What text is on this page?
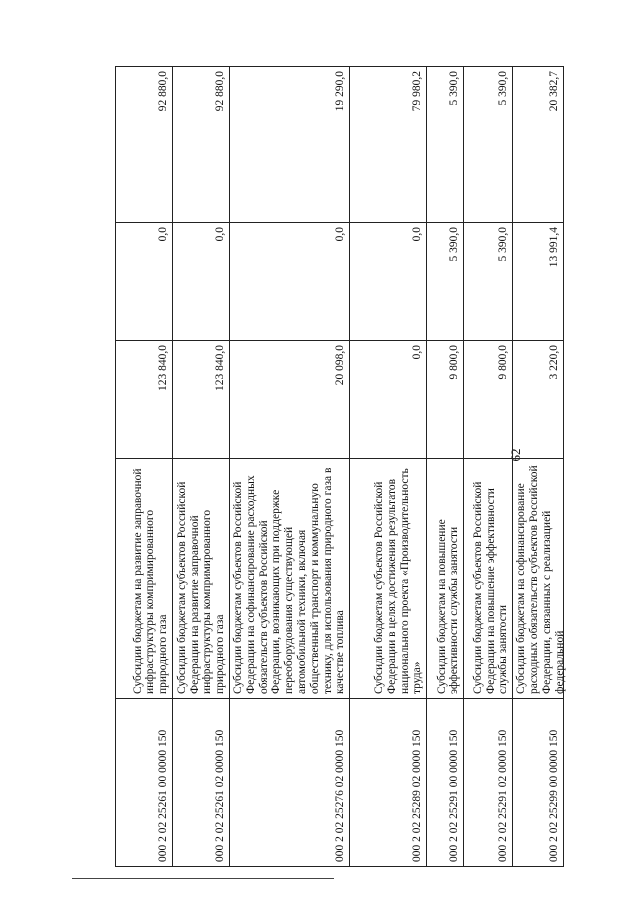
62
000 2 02 25261 00 0000 150	Субсидии бюджетам на развитие заправочной инфраструктуры компримированного природного газа	123 840,0	0,0	92 880,0
000 2 02 25261 02 0000 150	Субсидии бюджетам субъектов Российской Федерации на развитие заправочной инфраструктуры компримированного природного газа	123 840,0	0,0	92 880,0
000 2 02 25276 02 0000 150	Субсидии бюджетам субъектов Российской Федерации на софинансирование расходных обязательств субъектов Российской Федерации, возникающих при поддержке переоборудования существующей автомобильной техники, включая общественный транспорт и коммунальную технику, для использования природного газа в качестве топлива	20 098,0	0,0	19 290,0
000 2 02 25289 02 0000 150	Субсидии бюджетам субъектов Российской Федерации в целях достижения результатов национального проекта «Производительность труда»	0,0	0,0	79 980,2
000 2 02 25291 00 0000 150	Субсидии бюджетам на повышение эффективности службы занятости	9 800,0	5 390,0	5 390,0
000 2 02 25291 02 0000 150	Субсидии бюджетам субъектов Российской Федерации на повышение эффективности службы занятости	9 800,0	5 390,0	5 390,0
000 2 02 25299 00 0000 150	Субсидии бюджетам на софинансирование расходных обязательств субъектов Российской Федерации, связанных с реализацией федеральной	3 220,0	13 991,4	20 382,7
